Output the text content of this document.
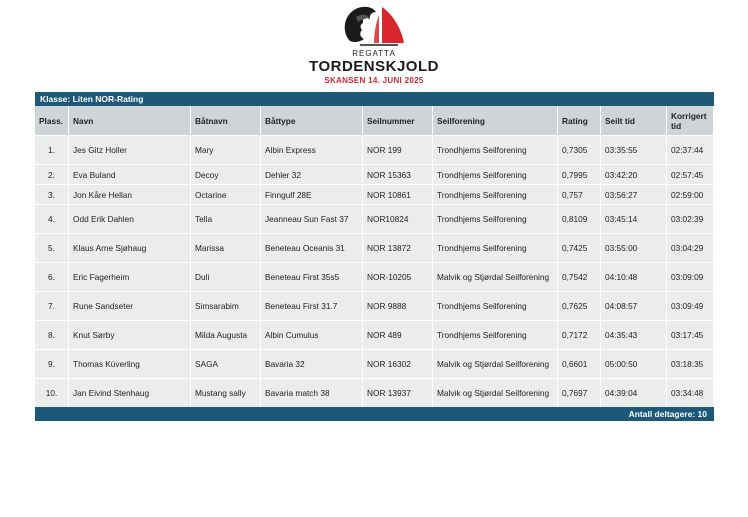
REGATTA
TORDENSKJOLD
SKANSEN 14. JUNI 2025
Klasse: Liten NOR-Rating
Plass.	Navn	Båtnavn	Båttype	Seilnummer	Seilforening	Rating	Seilt tid	Korrigert tid
1.	Jes Gitz Holler	Mary	Albin Express	NOR 199	Trondhjems Seilforening	0,7305	03:35:55	02:37:44
2.	Eva Buland	Decoy	Dehler 32	NOR 15363	Trondhjems Seilforening	0,7995	03:42:20	02:57:45
3.	Jon Kåre Hellan	Octarine	Finngulf 28E	NOR 10861	Trondhjems Seilforening	0,757	03:56:27	02:59:00
4.	Odd Erik Dahlen	Tella	Jeanneau Sun Fast 37	NOR10824	Trondhjems Seilforening	0,8109	03:45:14	03:02:39
5.	Klaus Arne Sjøhaug	Marissa	Beneteau Oceanis 31	NOR 13872	Trondhjems Seilforening	0,7425	03:55:00	03:04:29
6.	Eric Fagerheim	Duli	Beneteau First 35s5	NOR-10205	Malvik og Stjørdal Seilforening	0,7542	04:10:48	03:09:09
7.	Rune Sandseter	Simsarabim	Beneteau First 31.7	NOR 9888	Trondhjems Seilforening	0,7625	04:08:57	03:09:49
8.	Knut Sørby	Milda Augusta	Albin Cumulus	NOR 489	Trondhjems Seilforening	0,7172	04:35:43	03:17:45
9.	Thomas Küverling	SAGA	Bavaria 32	NOR 16302	Malvik og Stjørdal Seilforening	0,6601	05:00:50	03:18:35
10.	Jan Eivind Stenhaug	Mustang sally	Bavaria match 38	NOR 13937	Malvik og Stjørdal Seilforening	0,7697	04:39:04	03:34:48
Antall deltagere: 10
